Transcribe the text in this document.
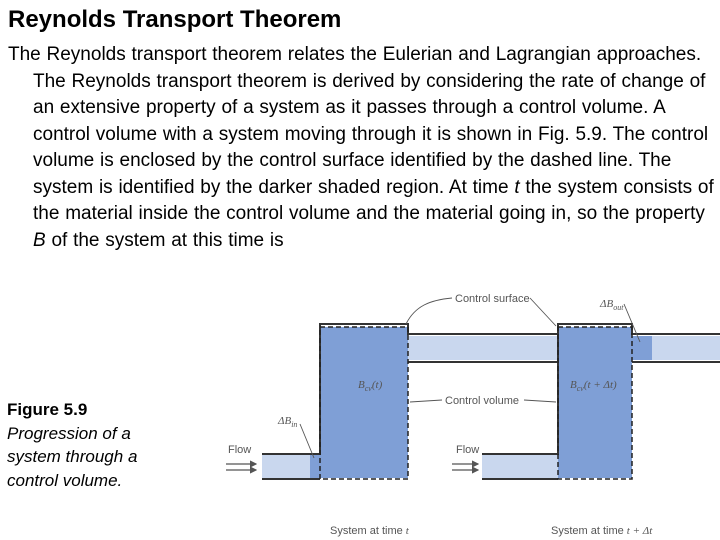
Reynolds Transport Theorem
The Reynolds transport theorem relates the Eulerian and Lagrangian approaches. The Reynolds transport theorem is derived by considering the rate of change of an extensive property of a system as it passes through a control volume. A control volume with a system moving through it is shown in Fig. 5.9. The control volume is enclosed by the control surface identified by the dashed line. The system is identified by the darker shaded region. At time t the system consists of the material inside the control volume and the material going in, so the property B of the system at this time is
Figure 5.9
Progression of a system through a control volume.
Control surface
Control volume
Flow	Flow
$\Delta B_{in}$
$\Delta B_{out}$
$B_{cv}(t)$	$B_{cv}(t + \Delta t)$
System at time t	System at time t + Δt
